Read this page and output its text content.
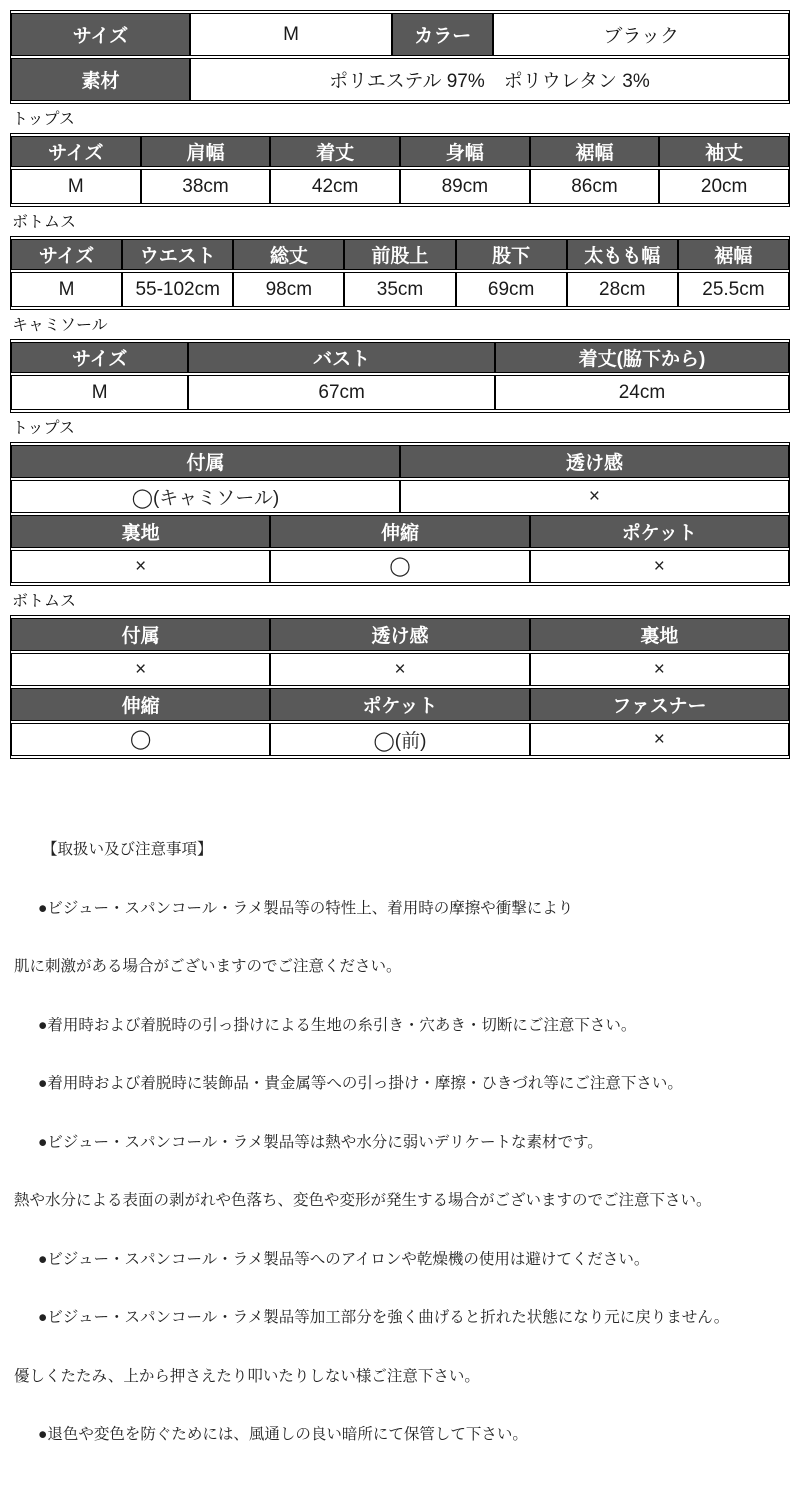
サイズ	M	カラー	ブラック
素材	ポリエステル 97%　ポリウレタン 3%		
トップス
サイズ	肩幅	着丈	身幅	裾幅	袖丈
M	38cm	42cm	89cm	86cm	20cm
ボトムス
サイズ	ウエスト	総丈	前股上	股下	太もも幅	裾幅
M	55-102cm	98cm	35cm	69cm	28cm	25.5cm
キャミソール
サイズ	バスト	着丈(脇下から)
M	67cm	24cm
トップス
付属		透け感	
◯(キャミソール)		×	
裏地	伸縮		ポケット
×	◯		×
ボトムス
付属	透け感	裏地
×	×	×
伸縮	ポケット	ファスナー
◯	◯(前)	×

【取扱い及び注意事項】

●ビジュー・スパンコール・ラメ製品等の特性上、着用時の摩擦や衝撃により

肌に刺激がある場合がございますのでご注意ください。

●着用時および着脱時の引っ掛けによる生地の糸引き・穴あき・切断にご注意下さい。

●着用時および着脱時に装飾品・貴金属等への引っ掛け・摩擦・ひきづれ等にご注意下さい。

●ビジュー・スパンコール・ラメ製品等は熱や水分に弱いデリケートな素材です。

熱や水分による表面の剥がれや色落ち、変色や変形が発生する場合がございますのでご注意下さい。

●ビジュー・スパンコール・ラメ製品等へのアイロンや乾燥機の使用は避けてください。

●ビジュー・スパンコール・ラメ製品等加工部分を強く曲げると折れた状態になり元に戻りません。

優しくたたみ、上から押さえたり叩いたりしない様ご注意下さい。

●退色や変色を防ぐためには、風通しの良い暗所にて保管して下さい。
